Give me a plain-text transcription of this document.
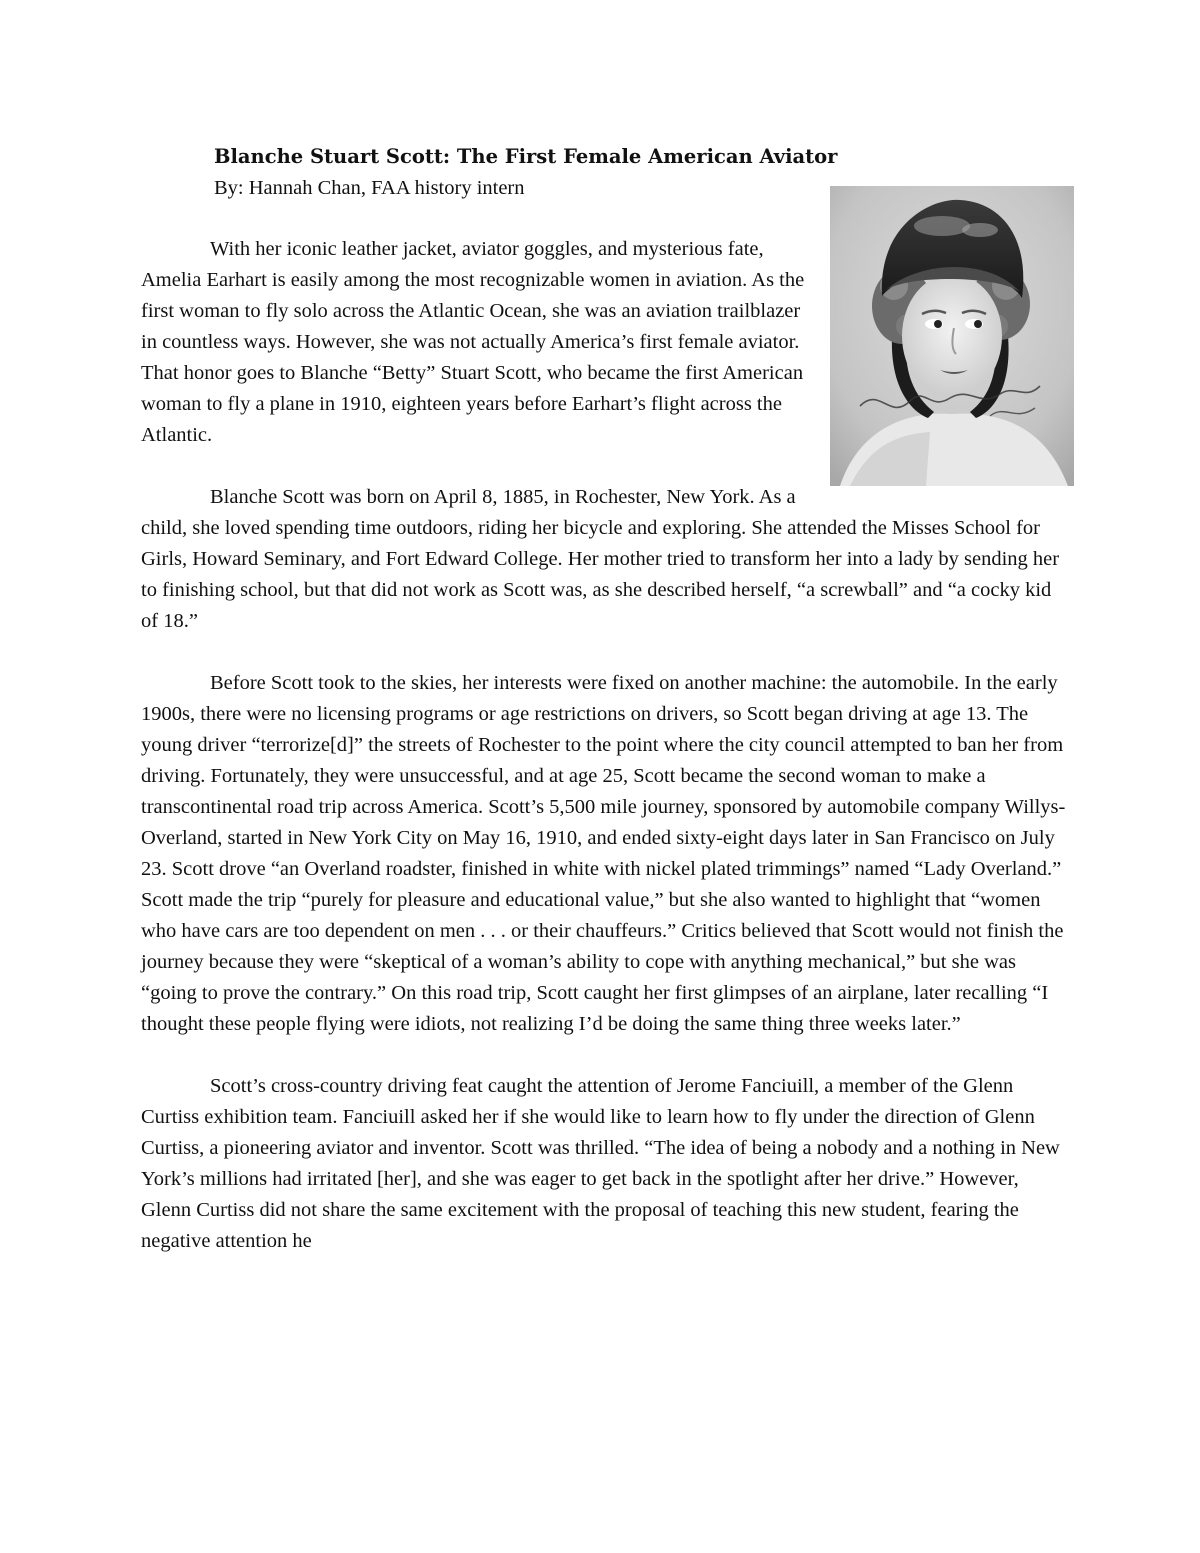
Blanche Stuart Scott: The First Female American Aviator
By: Hannah Chan, FAA history intern

With her iconic leather jacket, aviator goggles, and mysterious fate, Amelia Earhart is easily among the most recognizable women in aviation. As the first woman to fly solo across the Atlantic Ocean, she was an aviation trailblazer in countless ways. However, she was not actually America’s first female aviator. That honor goes to Blanche “Betty” Stuart Scott, who became the first American woman to fly a plane in 1910, eighteen years before Earhart’s flight across the Atlantic.

Blanche Scott was born on April 8, 1885, in Rochester, New York. As a child, she loved spending time outdoors, riding her bicycle and exploring. She attended the Misses School for Girls, Howard Seminary, and Fort Edward College. Her mother tried to transform her into a lady by sending her to finishing school, but that did not work as Scott was, as she described herself, “a screwball” and “a cocky kid of 18.”

Before Scott took to the skies, her interests were fixed on another machine: the automobile. In the early 1900s, there were no licensing programs or age restrictions on drivers, so Scott began driving at age 13. The young driver “terrorize[d]” the streets of Rochester to the point where the city council attempted to ban her from driving. Fortunately, they were unsuccessful, and at age 25, Scott became the second woman to make a transcontinental road trip across America. Scott’s 5,500 mile journey, sponsored by automobile company Willys-Overland, started in New York City on May 16, 1910, and ended sixty-eight days later in San Francisco on July 23. Scott drove “an Overland roadster, finished in white with nickel plated trimmings” named “Lady Overland.” Scott made the trip “purely for pleasure and educational value,” but she also wanted to highlight that “women who have cars are too dependent on men . . . or their chauffeurs.” Critics believed that Scott would not finish the journey because they were “skeptical of a woman’s ability to cope with anything mechanical,” but she was “going to prove the contrary.” On this road trip, Scott caught her first glimpses of an airplane, later recalling “I thought these people flying were idiots, not realizing I’d be doing the same thing three weeks later.”

Scott’s cross-country driving feat caught the attention of Jerome Fanciuill, a member of the Glenn Curtiss exhibition team. Fanciuill asked her if she would like to learn how to fly under the direction of Glenn Curtiss, a pioneering aviator and inventor. Scott was thrilled. “The idea of being a nobody and a nothing in New York’s millions had irritated [her], and she was eager to get back in the spotlight after her drive.” However, Glenn Curtiss did not share the same excitement with the proposal of teaching this new student, fearing the negative attention he
